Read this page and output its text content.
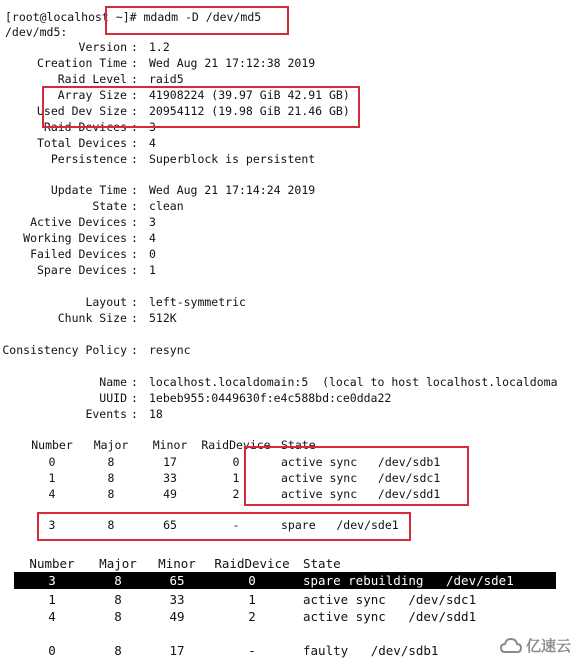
[root@localhost ~]# mdadm -D /dev/md5
/dev/md5:
Version : 1.2
Creation Time : Wed Aug 21 17:12:38 2019
Raid Level : raid5
Array Size : 41908224 (39.97 GiB 42.91 GB)
Used Dev Size : 20954112 (19.98 GiB 21.46 GB)
Raid Devices : 3
Total Devices : 4
Persistence : Superblock is persistent
Update Time : Wed Aug 21 17:14:24 2019
State : clean
Active Devices : 3
Working Devices : 4
Failed Devices : 0
Spare Devices : 1
Layout : left-symmetric
Chunk Size : 512K
Consistency Policy : resync
Name : localhost.localdomain:5  (local to host localhost.localdoma
UUID : 1ebeb955:0449630f:e4c588bd:ce0dda22
Events : 18
Number Major Minor RaidDevice State
0	8	17	0	active sync   /dev/sdb1
1	8	33	1	active sync   /dev/sdc1
4	8	49	2	active sync   /dev/sdd1
3	8	65	-	spare   /dev/sde1
Number Major Minor RaidDevice State
3	8	65	0	spare rebuilding   /dev/sde1
1	8	33	1	active sync   /dev/sdc1
4	8	49	2	active sync   /dev/sdd1
0	8	17	-	faulty   /dev/sdb1	亿速云
